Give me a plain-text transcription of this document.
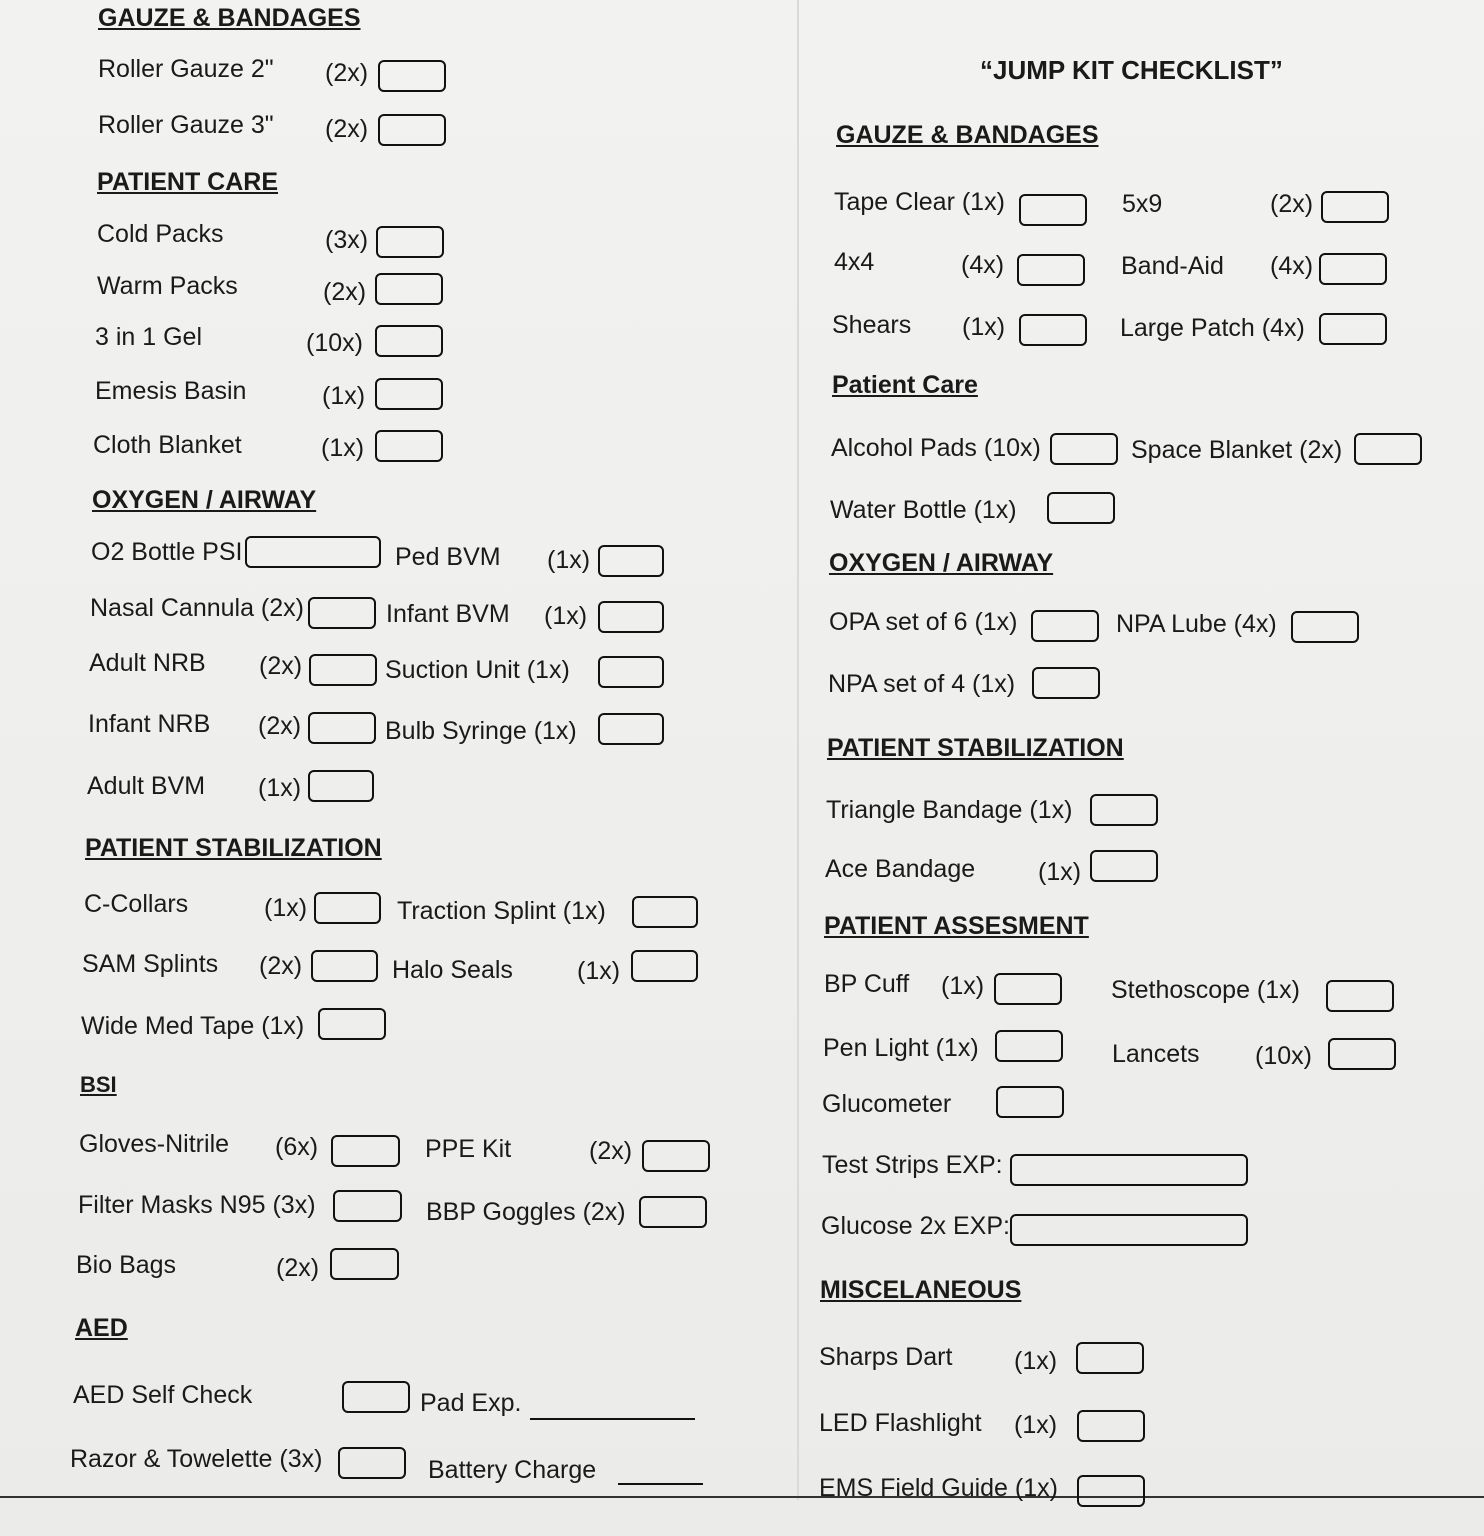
GAUZE & BANDAGES
Roller Gauze 2" (2x)
Roller Gauze 3" (2x)
PATIENT CARE
Cold Packs	(3x)
Warm Packs	(2x)
3 in 1 Gel	(10x)
Emesis Basin	(1x)
Cloth Blanket	(1x)
OXYGEN / AIRWAY
O2 Bottle PSI	Ped BVM (1x)
Nasal Cannula (2x)	Infant BVM (1x)
Adult NRB (2x)	Suction Unit (1x)
Infant NRB (2x)	Bulb Syringe (1x)
Adult BVM (1x)
PATIENT STABILIZATION
C-Collars	(1x)	Traction Splint (1x)
SAM Splints (2x)	Halo Seals	(1x)
Wide Med Tape (1x)
BSI
Gloves-Nitrile (6x)	PPE Kit	(2x)
Filter Masks N95 (3x)	BBP Goggles (2x)
Bio Bags	(2x)
AED
AED Self Check	Pad Exp.
Razor & Towelette (3x)	Battery Charge
“JUMP KIT CHECKLIST”
GAUZE & BANDAGES
Tape Clear (1x)	5x9	(2x)
4x4	(4x)	Band-Aid (4x)
Shears (1x)	Large Patch (4x)
Patient Care
Alcohol Pads (10x)	Space Blanket (2x)
Water Bottle (1x)
OXYGEN / AIRWAY
OPA set of 6 (1x)	NPA Lube (4x)
NPA set of 4 (1x)
PATIENT STABILIZATION
Triangle Bandage (1x)
Ace Bandage	(1x)
PATIENT ASSESMENT
BP Cuff (1x)	Stethoscope (1x)
Pen Light (1x)	Lancets (10x)
Glucometer
Test Strips EXP:
Glucose 2x EXP:
MISCELANEOUS
Sharps Dart (1x)
LED Flashlight (1x)
EMS Field Guide (1x)
